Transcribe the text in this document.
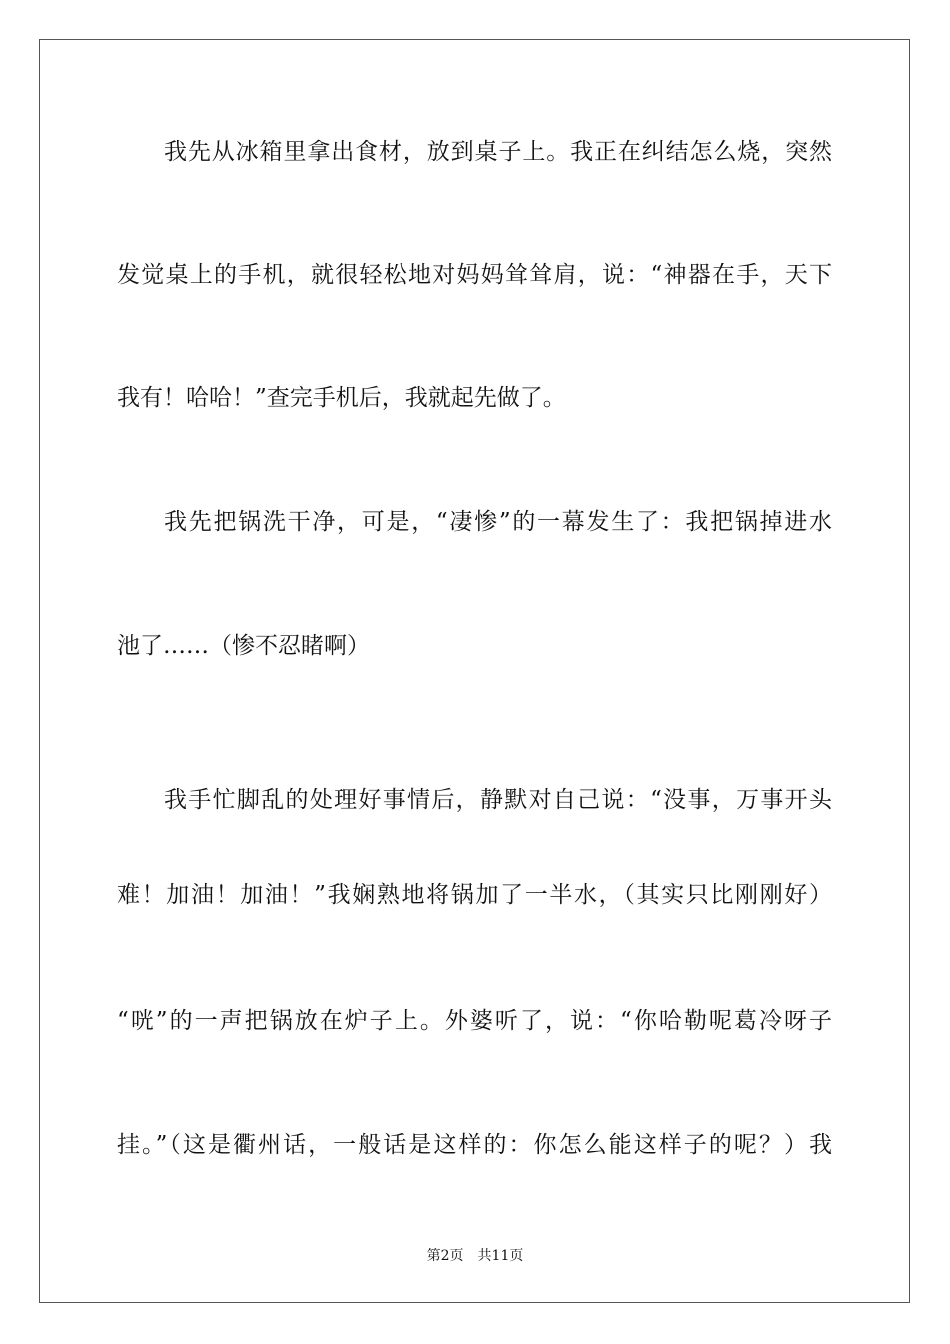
我先从冰箱里拿出食材，放到桌子上。我正在纠结怎么烧，突然
发觉桌上的手机，就很轻松地对妈妈耸耸肩，说：“神器在手，天下
我有！哈哈！”查完手机后，我就起先做了。
我先把锅洗干净，可是，“凄惨”的一幕发生了：我把锅掉进水
池了……（惨不忍睹啊）
我手忙脚乱的处理好事情后，静默对自己说：“没事，万事开头
难！加油！加油！”我娴熟地将锅加了一半水，（其实只比刚刚好）
“咣”的一声把锅放在炉子上。外婆听了，说：“你哈勒呢葛冷呀子
挂。”（这是衢州话，一般话是这样的：你怎么能这样子的呢？）我
第2页 共11页
